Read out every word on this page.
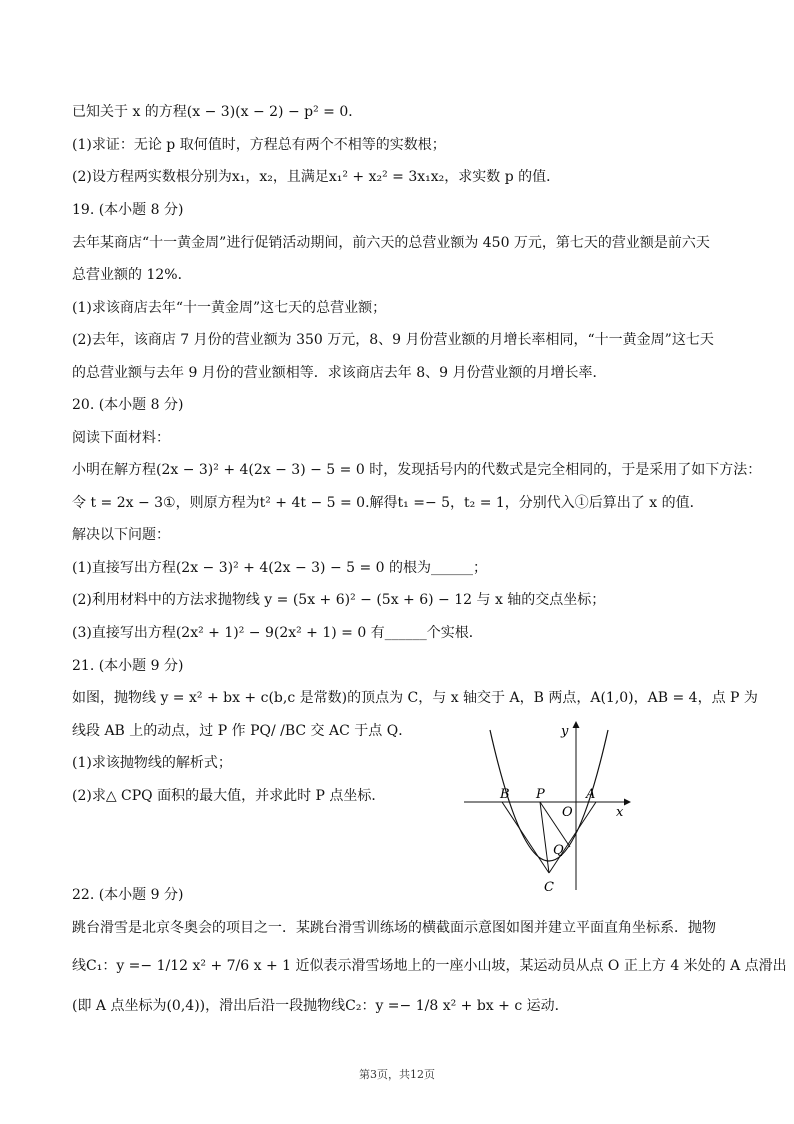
已知关于 x 的方程(x − 3)(x − 2) − p² = 0．
(1)求证：无论 p 取何值时，方程总有两个不相等的实数根；
(2)设方程两实数根分别为x₁，x₂，且满足x₁² + x₂² = 3x₁x₂，求实数 p 的值．
19. (本小题 8 分)
去年某商店“十一黄金周”进行促销活动期间，前六天的总营业额为 450 万元，第七天的营业额是前六天
总营业额的 12%．
(1)求该商店去年“十一黄金周”这七天的总营业额；
(2)去年，该商店 7 月份的营业额为 350 万元，8、9 月份营业额的月增长率相同，“十一黄金周”这七天
的总营业额与去年 9 月份的营业额相等．求该商店去年 8、9 月份营业额的月增长率．
20. (本小题 8 分)
阅读下面材料：
小明在解方程(2x − 3)² + 4(2x − 3) − 5 = 0 时，发现括号内的代数式是完全相同的，于是采用了如下方法：
令 t = 2x − 3①，则原方程为t² + 4t − 5 = 0.解得t₁ =− 5，t₂ = 1，分别代入①后算出了 x 的值．
解决以下问题：
(1)直接写出方程(2x − 3)² + 4(2x − 3) − 5 = 0 的根为______；
(2)利用材料中的方法求抛物线 y = (5x + 6)² − (5x + 6) − 12 与 x 轴的交点坐标；
(3)直接写出方程(2x² + 1)² − 9(2x² + 1) = 0 有______个实根．
21. (本小题 9 分)
如图，抛物线 y = x² + bx + c(b,c 是常数)的顶点为 C，与 x 轴交于 A，B 两点，A(1,0)，AB = 4，点 P 为
线段 AB 上的动点，过 P 作 PQ/ /BC 交 AC 于点 Q．
(1)求该抛物线的解析式；
(2)求△ CPQ 面积的最大值，并求此时 P 点坐标．
y
x
B P
O
A
Q
C
22. (本小题 9 分)
跳台滑雪是北京冬奥会的项目之一．某跳台滑雪训练场的横截面示意图如图并建立平面直角坐标系．抛物
线C₁：y =− 1/12 x² + 7/6 x + 1 近似表示滑雪场地上的一座小山坡，某运动员从点 O 正上方 4 米处的 A 点滑出
(即 A 点坐标为(0,4))，滑出后沿一段抛物线C₂：y =− 1/8 x² + bx + c 运动．
第3页，共12页
